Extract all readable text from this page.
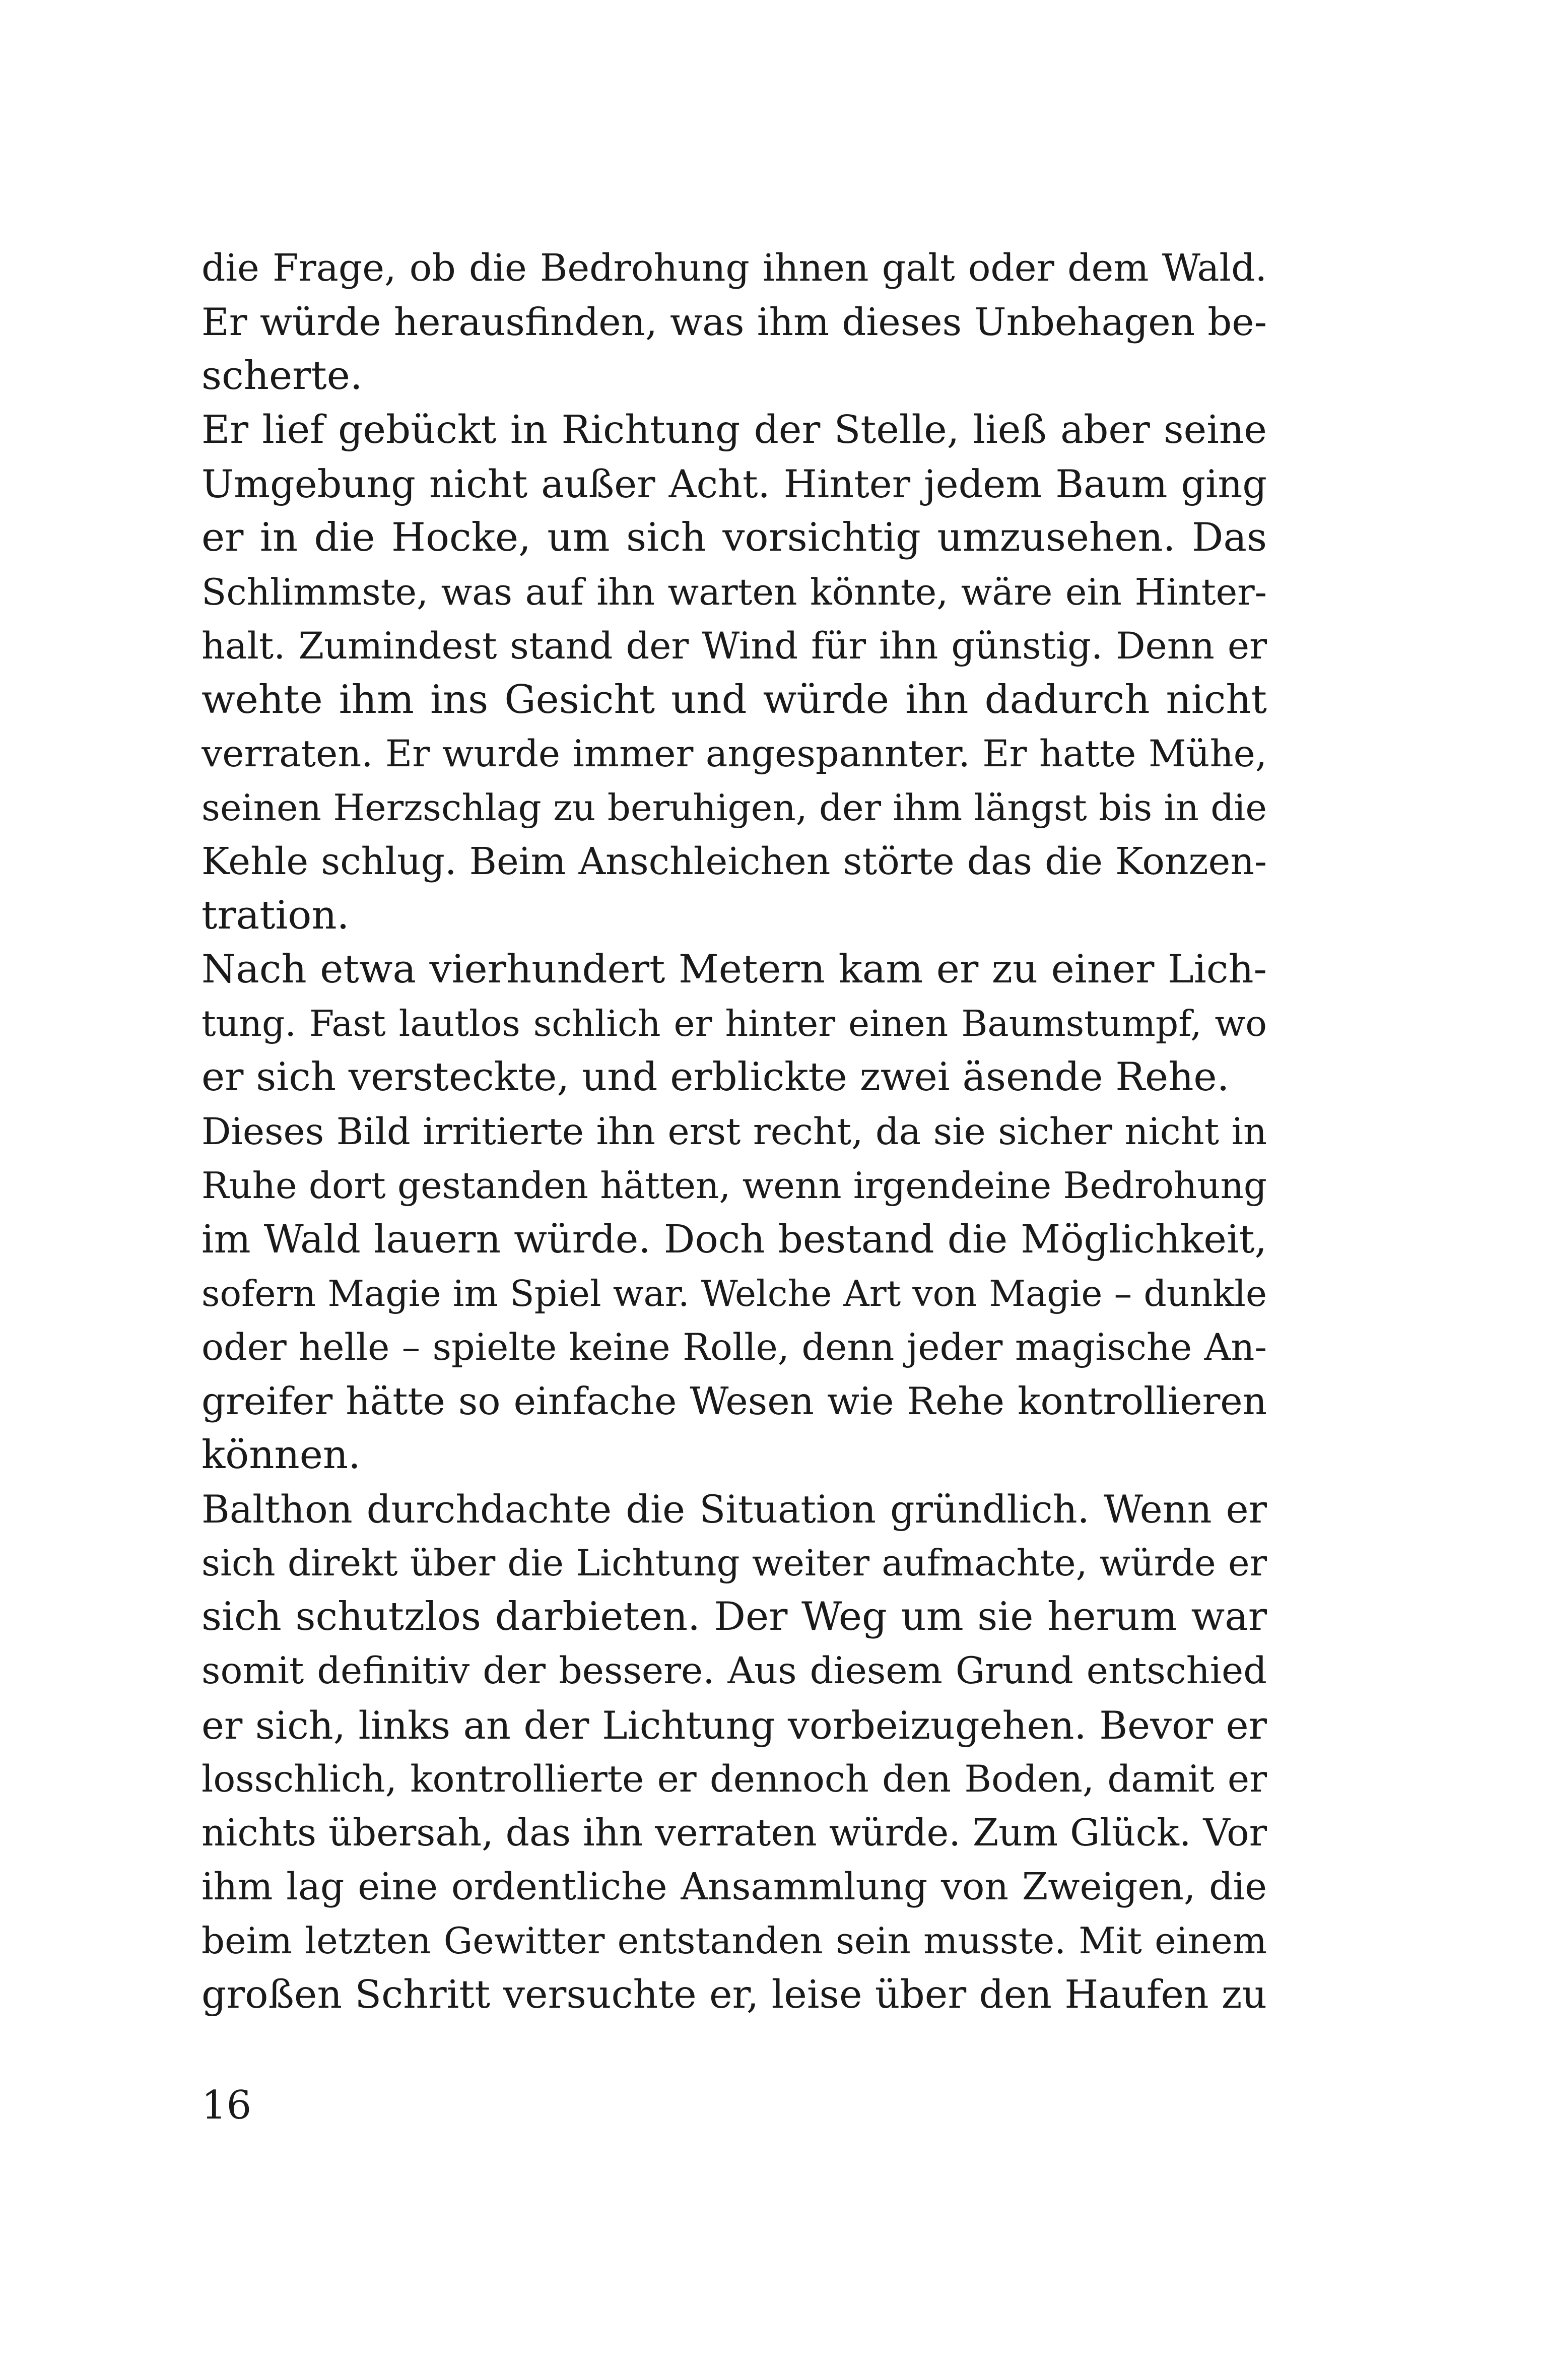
die Frage, ob die Bedrohung ihnen galt oder dem Wald.
Er würde herausfinden, was ihm dieses Unbehagen be-
scherte.
Er lief gebückt in Richtung der Stelle, ließ aber seine
Umgebung nicht außer Acht. Hinter jedem Baum ging
er in die Hocke, um sich vorsichtig umzusehen. Das
Schlimmste, was auf ihn warten könnte, wäre ein Hinter-
halt. Zumindest stand der Wind für ihn günstig. Denn er
wehte ihm ins Gesicht und würde ihn dadurch nicht
verraten. Er wurde immer angespannter. Er hatte Mühe,
seinen Herzschlag zu beruhigen, der ihm längst bis in die
Kehle schlug. Beim Anschleichen störte das die Konzen-
tration.
Nach etwa vierhundert Metern kam er zu einer Lich-
tung. Fast lautlos schlich er hinter einen Baumstumpf, wo
er sich versteckte, und erblickte zwei äsende Rehe.
Dieses Bild irritierte ihn erst recht, da sie sicher nicht in
Ruhe dort gestanden hätten, wenn irgendeine Bedrohung
im Wald lauern würde. Doch bestand die Möglichkeit,
sofern Magie im Spiel war. Welche Art von Magie – dunkle
oder helle – spielte keine Rolle, denn jeder magische An-
greifer hätte so einfache Wesen wie Rehe kontrollieren
können.
Balthon durchdachte die Situation gründlich. Wenn er
sich direkt über die Lichtung weiter aufmachte, würde er
sich schutzlos darbieten. Der Weg um sie herum war
somit definitiv der bessere. Aus diesem Grund entschied
er sich, links an der Lichtung vorbeizugehen. Bevor er
losschlich, kontrollierte er dennoch den Boden, damit er
nichts übersah, das ihn verraten würde. Zum Glück. Vor
ihm lag eine ordentliche Ansammlung von Zweigen, die
beim letzten Gewitter entstanden sein musste. Mit einem
großen Schritt versuchte er, leise über den Haufen zu
16
